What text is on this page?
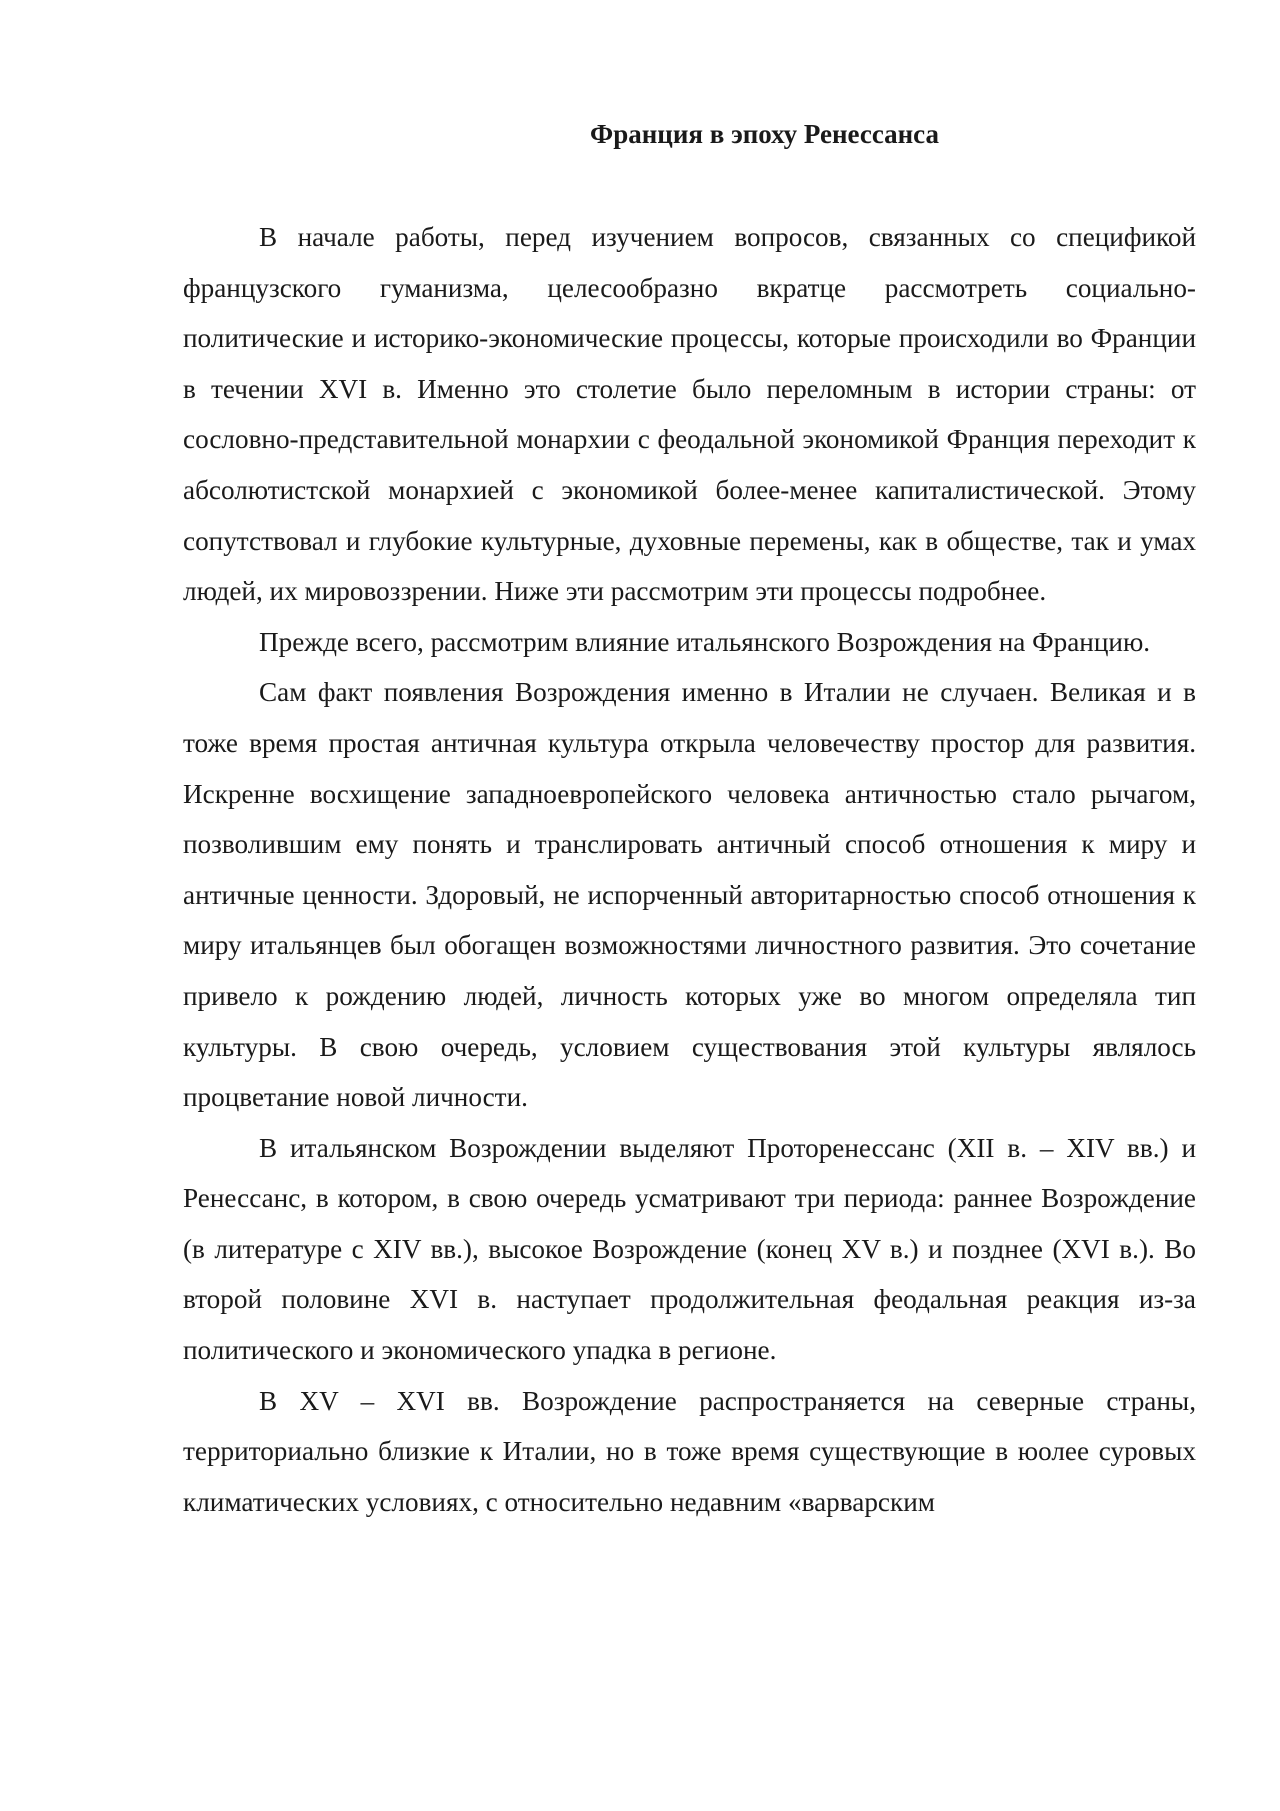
Франция в эпоху Ренессанса

В начале работы, перед изучением вопросов, связанных со спецификой французского гуманизма, целесообразно вкратце рассмотреть социально-политические и историко-экономические процессы, которые происходили во Франции в течении XVI в. Именно это столетие было переломным в истории страны: от сословно-представительной монархии с феодальной экономикой Франция переходит к абсолютистской монархией с экономикой более-менее капиталистической. Этому сопутствовал и глубокие культурные, духовные перемены, как в обществе, так и умах людей, их мировоззрении. Ниже эти рассмотрим эти процессы подробнее.

Прежде всего, рассмотрим влияние итальянского Возрождения на Францию.

Сам факт появления Возрождения именно в Италии не случаен. Великая и в тоже время простая античная культура открыла человечеству простор для развития. Искренне восхищение западноевропейского человека античностью стало рычагом, позволившим ему понять и транслировать античный способ отношения к миру и античные ценности. Здоровый, не испорченный авторитарностью способ отношения к миру итальянцев был обогащен возможностями личностного развития. Это сочетание привело к рождению людей, личность которых уже во многом определяла тип культуры. В свою очередь, условием существования этой культуры являлось процветание новой личности.

В итальянском Возрождении выделяют Проторенессанс (XII в. – XIV вв.) и Ренессанс, в котором, в свою очередь усматривают три периода: раннее Возрождение (в литературе с XIV вв.), высокое Возрождение (конец XV в.) и позднее (XVI в.). Во второй половине XVI в. наступает продолжительная феодальная реакция из-за политического и экономического упадка в регионе.

В XV – XVI вв. Возрождение распространяется на северные страны, территориально близкие к Италии, но в тоже время существующие в юолее суровых климатических условиях, с относительно недавним «варварским
